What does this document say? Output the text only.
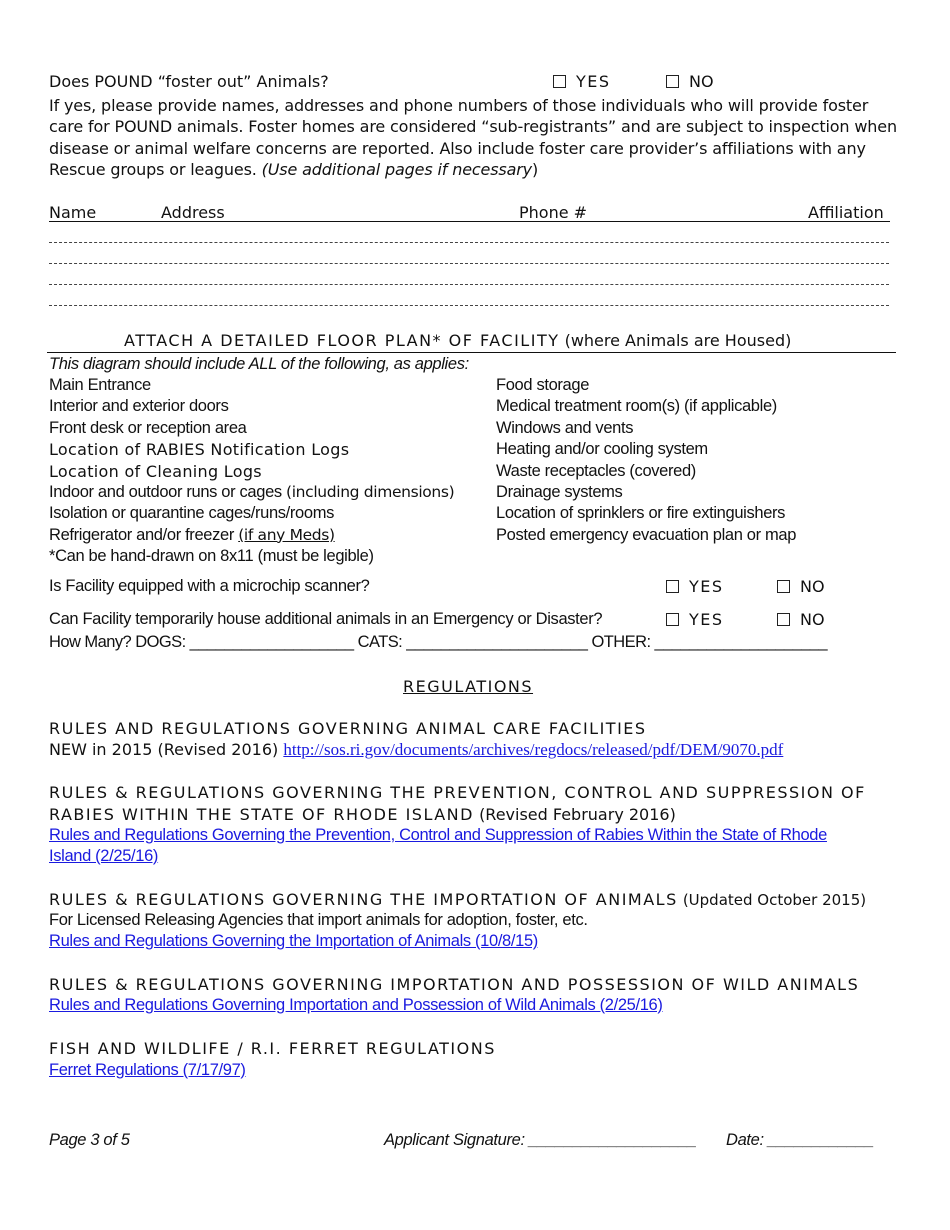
Does POUND “foster out” Animals?	YES	NO
If yes, please provide names, addresses and phone numbers of those individuals who will provide foster care for POUND animals. Foster homes are considered “sub-registrants” and are subject to inspection when disease or animal welfare concerns are reported. Also include foster care provider’s affiliations with any Rescue groups or leagues. (Use additional pages if necessary)
Name	Address	Phone #	Affiliation
ATTACH A DETAILED FLOOR PLAN* OF FACILITY (where Animals are Housed)
This diagram should include ALL of the following, as applies:
Main Entrance
Interior and exterior doors
Front desk or reception area
Location of RABIES Notification Logs
Location of Cleaning Logs
Indoor and outdoor runs or cages (including dimensions)
Isolation or quarantine cages/runs/rooms
Refrigerator and/or freezer (if any Meds)
*Can be hand-drawn on 8x11 (must be legible)
Food storage
Medical treatment room(s) (if applicable)
Windows and vents
Heating and/or cooling system
Waste receptacles (covered)
Drainage systems
Location of sprinklers or fire extinguishers
Posted emergency evacuation plan or map
Is Facility equipped with a microchip scanner?	YES	NO
Can Facility temporarily house additional animals in an Emergency or Disaster?	YES	NO
How Many? DOGS: ___________________ CATS: _____________________ OTHER: ____________________
REGULATIONS
RULES AND REGULATIONS GOVERNING ANIMAL CARE FACILITIES
NEW in 2015 (Revised 2016) http://sos.ri.gov/documents/archives/regdocs/released/pdf/DEM/9070.pdf
RULES & REGULATIONS GOVERNING THE PREVENTION, CONTROL AND SUPPRESSION OF
RABIES WITHIN THE STATE OF RHODE ISLAND (Revised February 2016)
Rules and Regulations Governing the Prevention, Control and Suppression of Rabies Within the State of Rhode
Island (2/25/16)
RULES & REGULATIONS GOVERNING THE IMPORTATION OF ANIMALS (Updated October 2015)
For Licensed Releasing Agencies that import animals for adoption, foster, etc.
Rules and Regulations Governing the Importation of Animals (10/8/15)
RULES & REGULATIONS GOVERNING IMPORTATION AND POSSESSION OF WILD ANIMALS
Rules and Regulations Governing Importation and Possession of Wild Animals (2/25/16)
FISH AND WILDLIFE / R.I. FERRET REGULATIONS
Ferret Regulations (7/17/97)
Page 3 of 5	Applicant Signature: ___________________ Date: ____________
